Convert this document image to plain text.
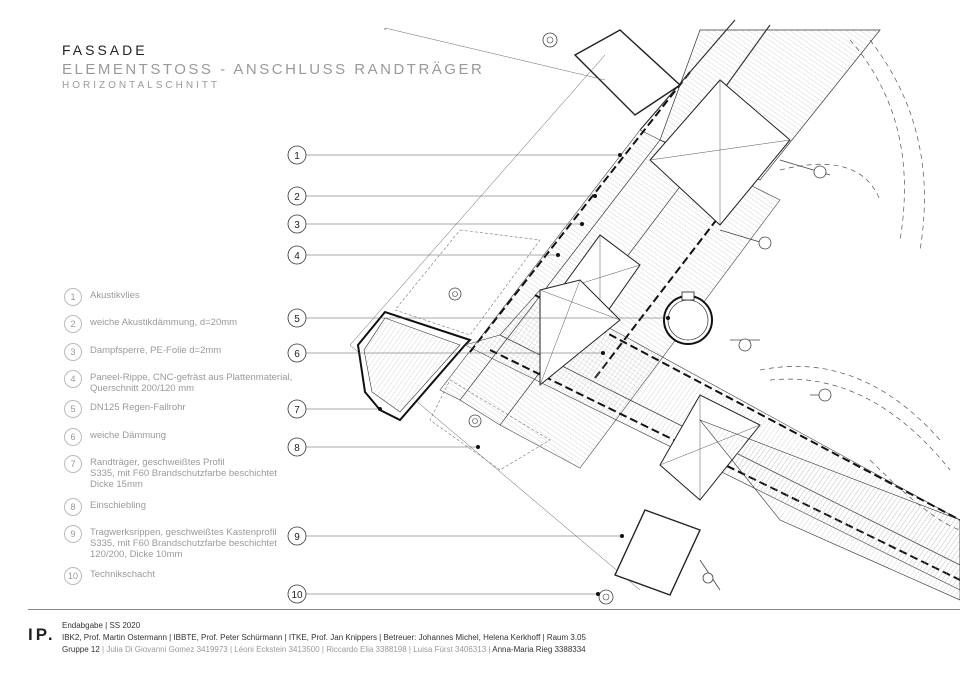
FASSADE
ELEMENTSTOSS - ANSCHLUSS RANDTRÄGER
HORIZONTALSCHNITT
1
2
3
4
5
6
7
8
9
10
1	Akustikvlies
2	weiche Akustikdämmung, d=20mm
3	Dampfsperre, PE-Folie d=2mm
4	Paneel-Rippe, CNC-gefräst aus Plattenmaterial,
Querschnitt 200/120 mm
5	DN125 Regen-Fallrohr
6	weiche Dämmung
7	Randträger, geschweißtes Profil
S335, mit F60 Brandschutzfarbe beschichtet
Dicke 15mm
8	Einschiebling
9	Tragwerksrippen, geschweißtes Kastenprofil
S335, mit F60 Brandschutzfarbe beschichtet
120/200, Dicke 10mm
10	Technikschacht
IP. Endabgabe | SS 2020
IBK2, Prof. Martin Ostermann | IBBTE, Prof. Peter Schürmann | ITKE, Prof. Jan Knippers | Betreuer: Johannes Michel, Helena Kerkhoff | Raum 3.05
Gruppe 12 | Julia Di Giovanni Gomez 3419973 | Léoni Eckstein 3413500 | Riccardo Elia 3388198 | Luisa Fürst 3406313 | Anna-Maria Rieg 3388334
